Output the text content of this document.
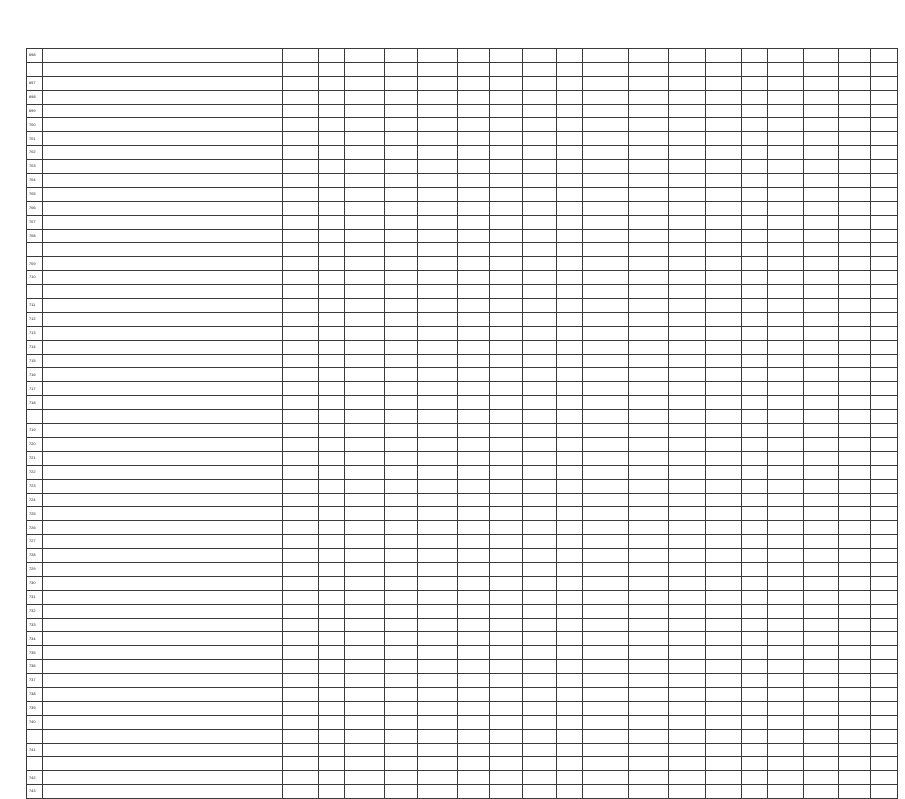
698																			

697																			
698																			
699																			
700																			
701																			
702																			
703																			
704																			
705																			
706																			
707																			
708																			

709																			
710																			

711																			
712																			
713																			
714																			
715																			
716																			
717																			
718																			

719																			
720																			
721																			
722																			
723																			
724																			
725																			
726																			
727																			
728																			
729																			
730																			
731																			
732																			
733																			
734																			
735																			
736																			
737																			
738																			
739																			
740																			

741																			

742																			
743																			
